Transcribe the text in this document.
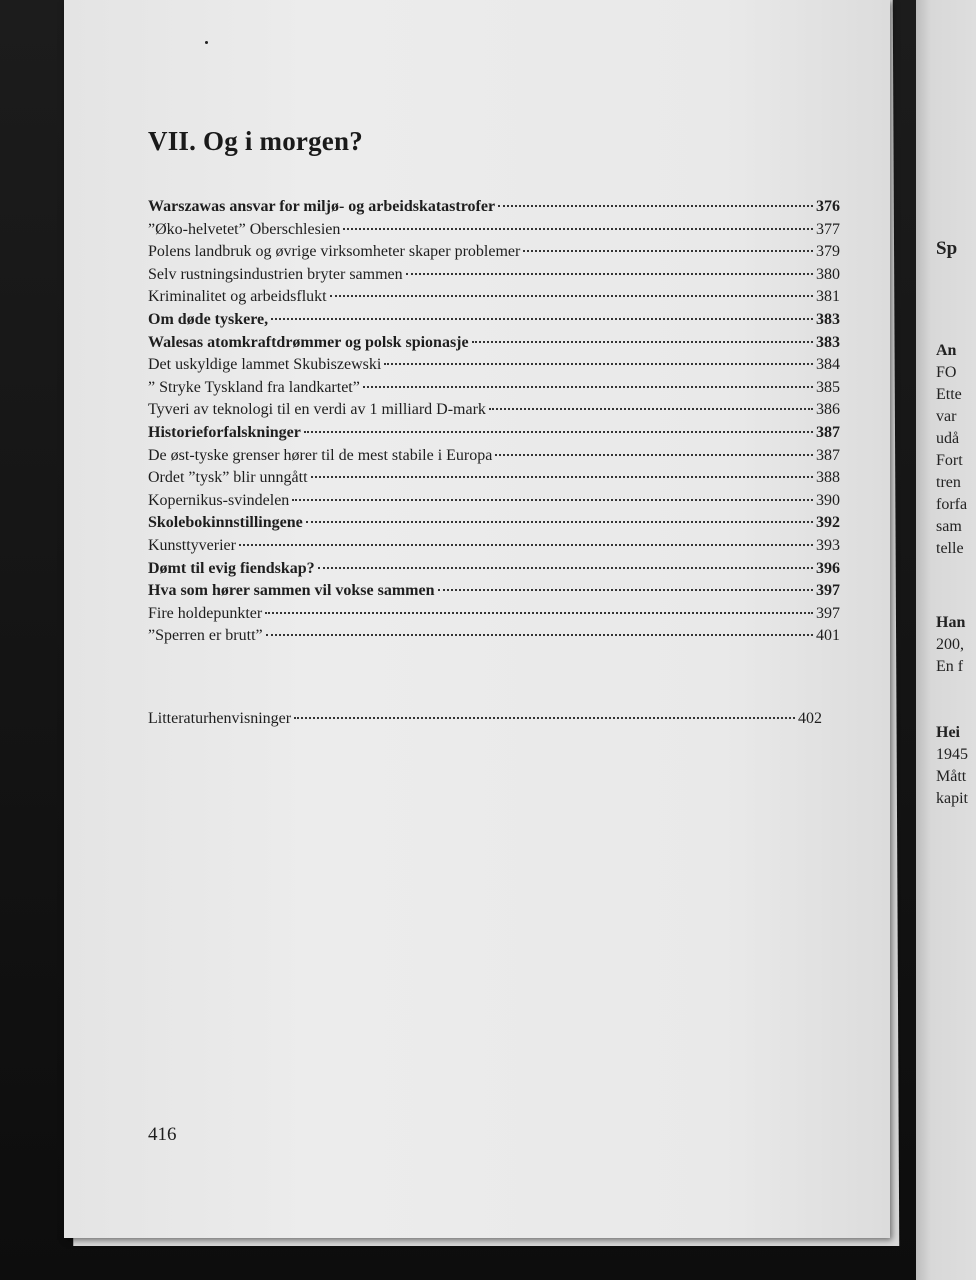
VII. Og i morgen?
Warszawas ansvar for miljø- og arbeidskatastrofer	376
”Øko-helvetet” Oberschlesien	377
Polens landbruk og øvrige virksomheter skaper problemer	379
Selv rustningsindustrien bryter sammen	380
Kriminalitet og arbeidsflukt	381
Om døde tyskere,	383
Walesas atomkraftdrømmer og polsk spionasje	383
Det uskyldige lammet Skubiszewski	384
” Stryke Tyskland fra landkartet”	385
Tyveri av teknologi til en verdi av 1 milliard D-mark	386
Historieforfalskninger	387
De øst-tyske grenser hører til de mest stabile i Europa	387
Ordet ”tysk” blir unngått	388
Kopernikus-svindelen	390
Skolebokinnstillingene	392
Kunsttyverier	393
Dømt til evig fiendskap?	396
Hva som hører sammen vil vokse sammen	397
Fire holdepunkter	397
”Sperren er brutt”	401
Litteraturhenvisninger	402
416
Sp
An
FO
Ette
var
udå
Fort
tren
forfa
sam
telle
Han
200,
En f
Hei
1945
Mått
kapit
